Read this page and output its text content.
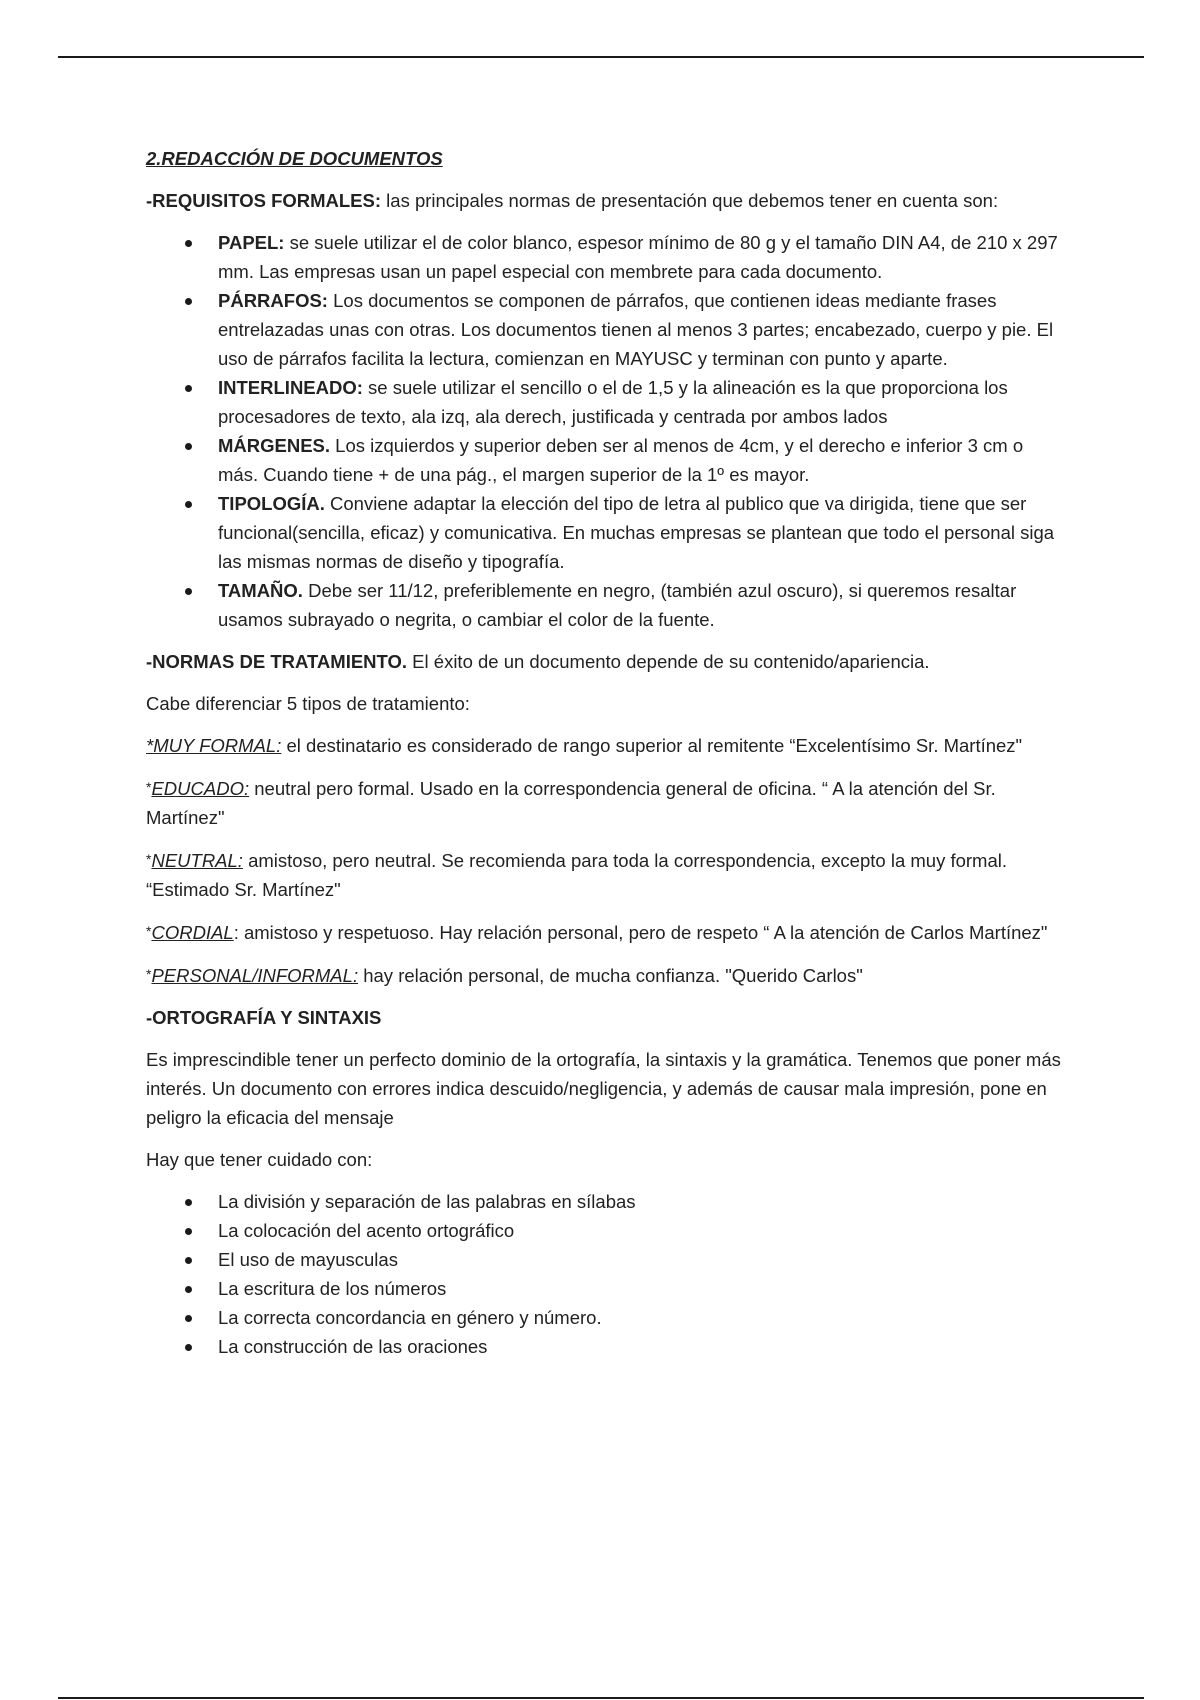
2.REDACCIÓN DE DOCUMENTOS

-REQUISITOS FORMALES: las principales normas de presentación que debemos tener en cuenta son:

PAPEL: se suele utilizar el de color blanco, espesor mínimo de 80 g y el tamaño DIN A4, de 210 x 297 mm. Las empresas usan un papel especial con membrete para cada documento.
PÁRRAFOS: Los documentos se componen de párrafos, que contienen ideas mediante frases entrelazadas unas con otras. Los documentos tienen al menos 3 partes; encabezado, cuerpo y pie. El uso de párrafos facilita la lectura, comienzan en MAYUSC y terminan con punto y aparte.
INTERLINEADO: se suele utilizar el sencillo o el de 1,5 y la alineación es la que proporciona los procesadores de texto, ala izq, ala derech, justificada y centrada por ambos lados
MÁRGENES. Los izquierdos y superior deben ser al menos de 4cm, y el derecho e inferior 3 cm o más. Cuando tiene + de una pág., el margen superior de la 1º es mayor.
TIPOLOGÍA. Conviene adaptar la elección del tipo de letra al publico que va dirigida, tiene que ser funcional(sencilla, eficaz) y comunicativa. En muchas empresas se plantean que todo el personal siga las mismas normas de diseño y tipografía.
TAMAÑO. Debe ser 11/12, preferiblemente en negro, (también azul oscuro), si queremos resaltar usamos subrayado o negrita, o cambiar el color de la fuente.

-NORMAS DE TRATAMIENTO. El éxito de un documento depende de su contenido/apariencia.

Cabe diferenciar 5 tipos de tratamiento:

*MUY FORMAL: el destinatario es considerado de rango superior al remitente “Excelentísimo Sr. Martínez"

*EDUCADO: neutral pero formal. Usado en la correspondencia general de oficina. “ A la atención del Sr. Martínez"

*NEUTRAL: amistoso, pero neutral. Se recomienda para toda la correspondencia, excepto la muy formal. “Estimado Sr. Martínez"

*CORDIAL: amistoso y respetuoso. Hay relación personal, pero de respeto “ A la atención de Carlos Martínez"

*PERSONAL/INFORMAL: hay relación personal, de mucha confianza. "Querido Carlos"

-ORTOGRAFÍA Y SINTAXIS

Es imprescindible tener un perfecto dominio de la ortografía, la sintaxis y la gramática. Tenemos que poner más interés. Un documento con errores indica descuido/negligencia, y además de causar mala impresión, pone en peligro la eficacia del mensaje

Hay que tener cuidado con:

La división y separación de las palabras en sílabas
La colocación del acento ortográfico
El uso de mayusculas
La escritura de los números
La correcta concordancia en género y número.
La construcción de las oraciones
